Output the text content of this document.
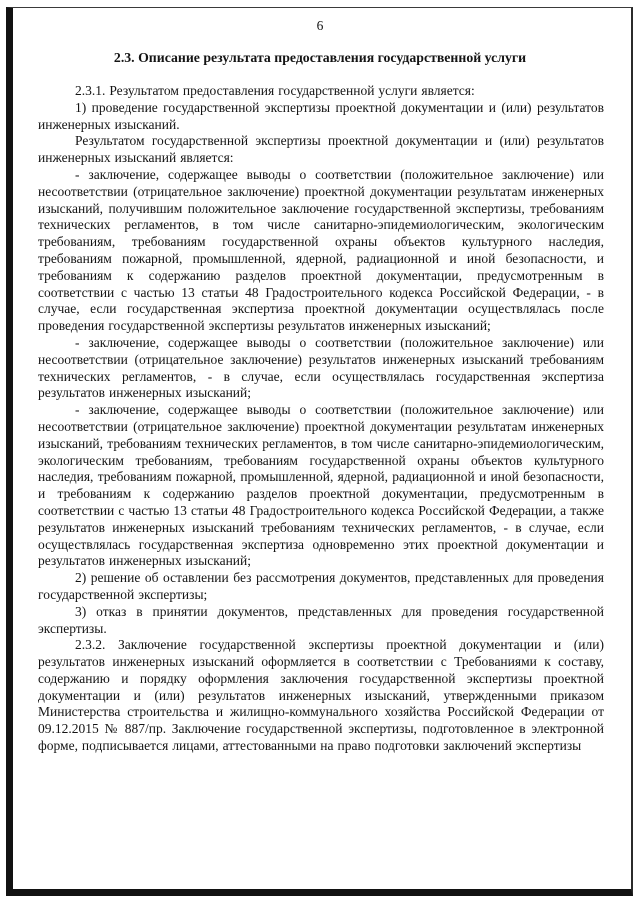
6
2.3. Описание результата предоставления государственной услуги

2.3.1. Результатом предоставления государственной услуги является:

1) проведение государственной экспертизы проектной документации и (или) результатов инженерных изысканий.

Результатом государственной экспертизы проектной документации и (или) результатов инженерных изысканий является:

- заключение, содержащее выводы о соответствии (положительное заключение) или несоответствии (отрицательное заключение) проектной документации результатам инженерных изысканий, получившим положительное заключение государственной экспертизы, требованиям технических регламентов, в том числе санитарно-эпидемиологическим, экологическим требованиям, требованиям государственной охраны объектов культурного наследия, требованиям пожарной, промышленной, ядерной, радиационной и иной безопасности, и требованиям к содержанию разделов проектной документации, предусмотренным в соответствии с частью 13 статьи 48 Градостроительного кодекса Российской Федерации, - в случае, если государственная экспертиза проектной документации осуществлялась после проведения государственной экспертизы результатов инженерных изысканий;

- заключение, содержащее выводы о соответствии (положительное заключение) или несоответствии (отрицательное заключение) результатов инженерных изысканий требованиям технических регламентов, - в случае, если осуществлялась государственная экспертиза результатов инженерных изысканий;

- заключение, содержащее выводы о соответствии (положительное заключение) или несоответствии (отрицательное заключение) проектной документации результатам инженерных изысканий, требованиям технических регламентов, в том числе санитарно-эпидемиологическим, экологическим требованиям, требованиям государственной охраны объектов культурного наследия, требованиям пожарной, промышленной, ядерной, радиационной и иной безопасности, и требованиям к содержанию разделов проектной документации, предусмотренным в соответствии с частью 13 статьи 48 Градостроительного кодекса Российской Федерации, а также результатов инженерных изысканий требованиям технических регламентов, - в случае, если осуществлялась государственная экспертиза одновременно этих проектной документации и результатов инженерных изысканий;

2) решение об оставлении без рассмотрения документов, представленных для проведения государственной экспертизы;

3) отказ в принятии документов, представленных для проведения государственной экспертизы.

2.3.2. Заключение государственной экспертизы проектной документации и (или) результатов инженерных изысканий оформляется в соответствии с Требованиями к составу, содержанию и порядку оформления заключения государственной экспертизы проектной документации и (или) результатов инженерных изысканий, утвержденными приказом Министерства строительства и жилищно-коммунального хозяйства Российской Федерации от 09.12.2015 № 887/пр. Заключение государственной экспертизы, подготовленное в электронной форме, подписывается лицами, аттестованными на право подготовки заключений экспертизы
